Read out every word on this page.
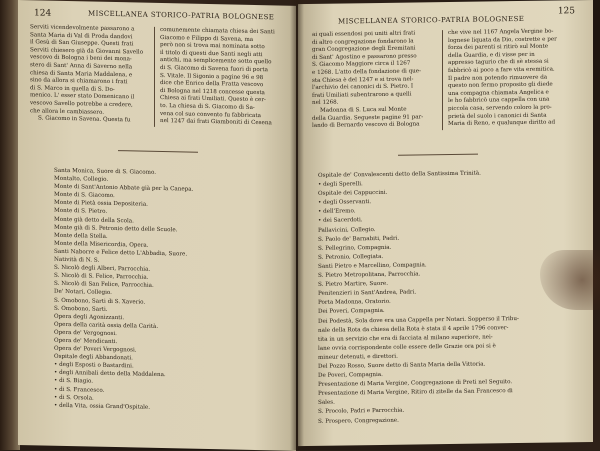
124	MISCELLANEA STORICO-PATRIA BOLOGNESE

Serviti vicendevolmente passarono a

Santa Maria di Val di Proda dandovi

il Gesù di San Giuseppe. Questi frati

Serviti chiesero già da Giovanni Savello

vescovo di Bologna i beni dei mona-

stero di Sant' Anna di Saverno nella

chiesa di Santa Maria Maddalena, e

sino da allora si chiamarono i frati

di S. Marco in quella di S. Do-

menico. L' esser stato Domenicano il

vescovo Savello potrebbe a credere,

che allora le cambiassero.

S. Giacomo in Savena. Questa fu

comunemente chiamata chiesa dei Santi

Giacomo e Filippo di Savena, ma

però non si trova mai nominata sotto

il titolo di questi due Santi negli atti

antichi, ma semplicemente sotto quello

di S. Giacomo di Savena fuori di porta

S. Vitale. Il Sigonio a pagine 96 e 98

dice che Enrico della Fratta vescovo

di Bologna nel 1218 concesse questa

Chiesa ai frati Umiliati. Questo è cer-

to. La chiesa di S. Giacomo di Sa-

vena col suo convento fu fabbricata

nel 1247 dai frati Giamboniti di Cesena

Santa Monica, Suore di S. Giacomo.
Montalto, Collegio.
Monte di Sant'Antonio Abbate già per la Canepa.
Monte di S. Giacomo.
Monte di Pietà ossia Depositeria.
Monte di S. Pietro.
Monte già detto della Scola.
Monte già di S. Petronio detto delle Scuole.
Monte della Stella.
Monte della Misericordia, Opera.
Santi Naborre e Felice detto L'Abbadia, Suore.
Natività di N. S.
S. Nicolò degli Alberi, Parrocchia.
S. Nicolò di S. Felice, Parrocchia.
S. Nicolò di San Felice, Parrocchia.
De' Notari, Collegio.
S. Omobono, Sarti di S. Xaverio.
S. Omobono, Sarti.
Opera degli Agonizzanti.
Opera della carità ossia della Carità.
Opera de' Vergognosi.
Opera de' Mendicanti.
Opera de' Poveri Vergognosi.
Ospitale degli Abbandonati.
• degli Esposti o Bastardini.
• degli Annibali detto della Maddalena.
• di S. Biagio.
• di S. Francesco.
• di S. Orsola.
• della Vita, ossia Grand'Ospitale.
MISCELLANEA STORICO-PATRIA BOLOGNESE
125

ai quali essendosi poi uniti altri frati

di altro congregazione fondarono la

gran Congregazione degli Eremitani

di Sant' Agostino e passarono presso

S. Giacomo Maggiore circa il 1267

e 1268. L'atto della fondazione di que-

sta Chiesa è del 1247 e si trova nel-

l'archivio dei canonici di S. Pietro. I

frati Umiliati subentrarono a quelli

nel 1268.

Madonna di S. Luca sul Monte

della Guardia. Segueste pagine 91 par-

lando di Bernardo vescovo di Bologna

che vive nel 1167 Angela Vergine bo-

lognese liquata da Dio, costrette e per

forza dei parenti si ritirò sul Monte

della Guardia, e di visse per in

appresso tagurio che di sè stessa si

fabbricò ai poco a fare vita eremitica.

Il padre non potendo rimuovere da

questo non fermo proposito gli diede

una compagna chiamata Angelica e

le ho fabbricò una cappella con una

piccola casa, servendo coloro la pro-

prietà del suolo i canonici di Santa

Maria di Reno, e qualunque diritto ad

Ospitale de' Convalescenti detto della Santissima Trinità.
• degli Sperelli.
Ospitale dei Cappuccini.
• degli Osservanti.
• dell'Eremo.
• dei Sacerdoti.
Pallavicini, Collegio.
S. Paolo de' Barnabiti, Padri.
S. Pellegrino, Compagnia.
S. Petronio, Collegiata.
Santi Pietro e Marcellino, Compagnia.
S. Pietro Metropolitana, Parrocchia.
S. Pietro Martire, Suore.
Penitenzieri in Sant'Andrea, Padri.
Porta Madonna, Oratorio.
Dei Poveri, Compagnia.
Dei Podestà, Sola dove era una Cappella per Notari. Sopperso il Tribu-
nale della Rota da chiesa della Rota è stata il 4 aprile 1796 conver-
tita in un servizio che era di facciata al milano superiore, nei-
lane ovvia corrispondente colle essere delle Grazie ora poi si è
mineur detenuti, e direttori.
Del Pozzo Rosso, Suore detto di Santa Maria della Vittoria.
De Poveri, Compagnia.
Presentazione di Maria Vergine, Congregazione di Preti nel Seguito.
Presentazione di Maria Vergine, Ritiro di zitelle da San Francesco di
Sales.
S. Procolo, Padri e Parrocchia.
S. Prospero, Congregazione.
